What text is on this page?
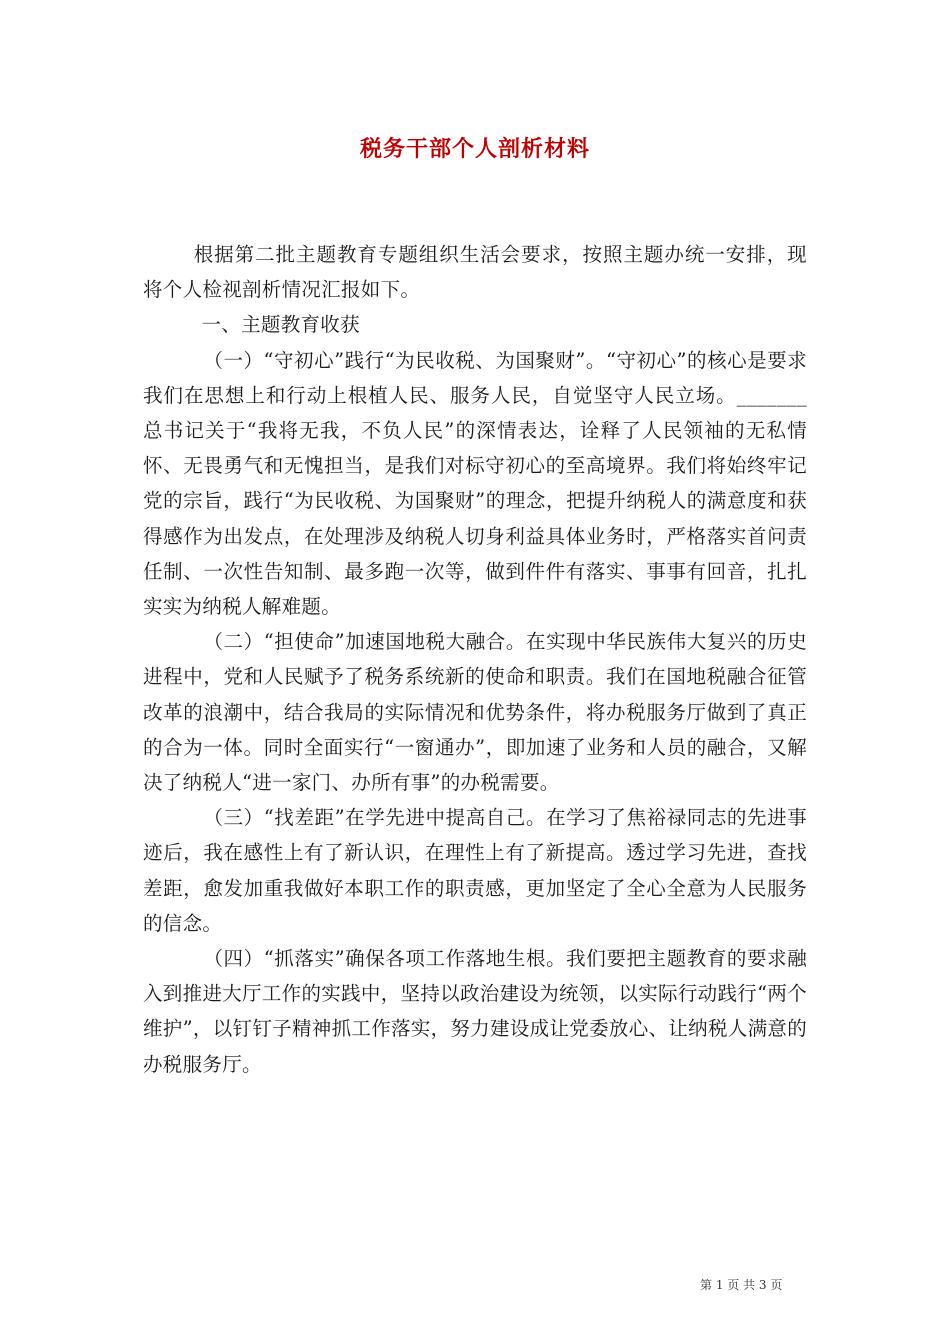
税务干部个人剖析材料

根据第二批主题教育专题组织生活会要求，按照主题办统一安排，现将个人检视剖析情况汇报如下。

一、主题教育收获

（一）“守初心”践行“为民收税、为国聚财”。“守初心”的核心是要求我们在思想上和行动上根植人民、服务人民，自觉坚守人民立场。_______总书记关于“我将无我，不负人民”的深情表达，诠释了人民领袖的无私情怀、无畏勇气和无愧担当，是我们对标守初心的至高境界。我们将始终牢记党的宗旨，践行“为民收税、为国聚财”的理念，把提升纳税人的满意度和获得感作为出发点，在处理涉及纳税人切身利益具体业务时，严格落实首问责任制、一次性告知制、最多跑一次等，做到件件有落实、事事有回音，扎扎实实为纳税人解难题。

（二）“担使命”加速国地税大融合。在实现中华民族伟大复兴的历史进程中，党和人民赋予了税务系统新的使命和职责。我们在国地税融合征管改革的浪潮中，结合我局的实际情况和优势条件，将办税服务厅做到了真正的合为一体。同时全面实行“一窗通办”，即加速了业务和人员的融合，又解决了纳税人“进一家门、办所有事”的办税需要。

（三）“找差距”在学先进中提高自己。在学习了焦裕禄同志的先进事迹后，我在感性上有了新认识，在理性上有了新提高。透过学习先进，查找差距，愈发加重我做好本职工作的职责感，更加坚定了全心全意为人民服务的信念。

（四）“抓落实”确保各项工作落地生根。我们要把主题教育的要求融入到推进大厅工作的实践中，坚持以政治建设为统领，以实际行动践行“两个维护”，以钉钉子精神抓工作落实，努力建设成让党委放心、让纳税人满意的办税服务厅。

第 1 页 共 3 页
